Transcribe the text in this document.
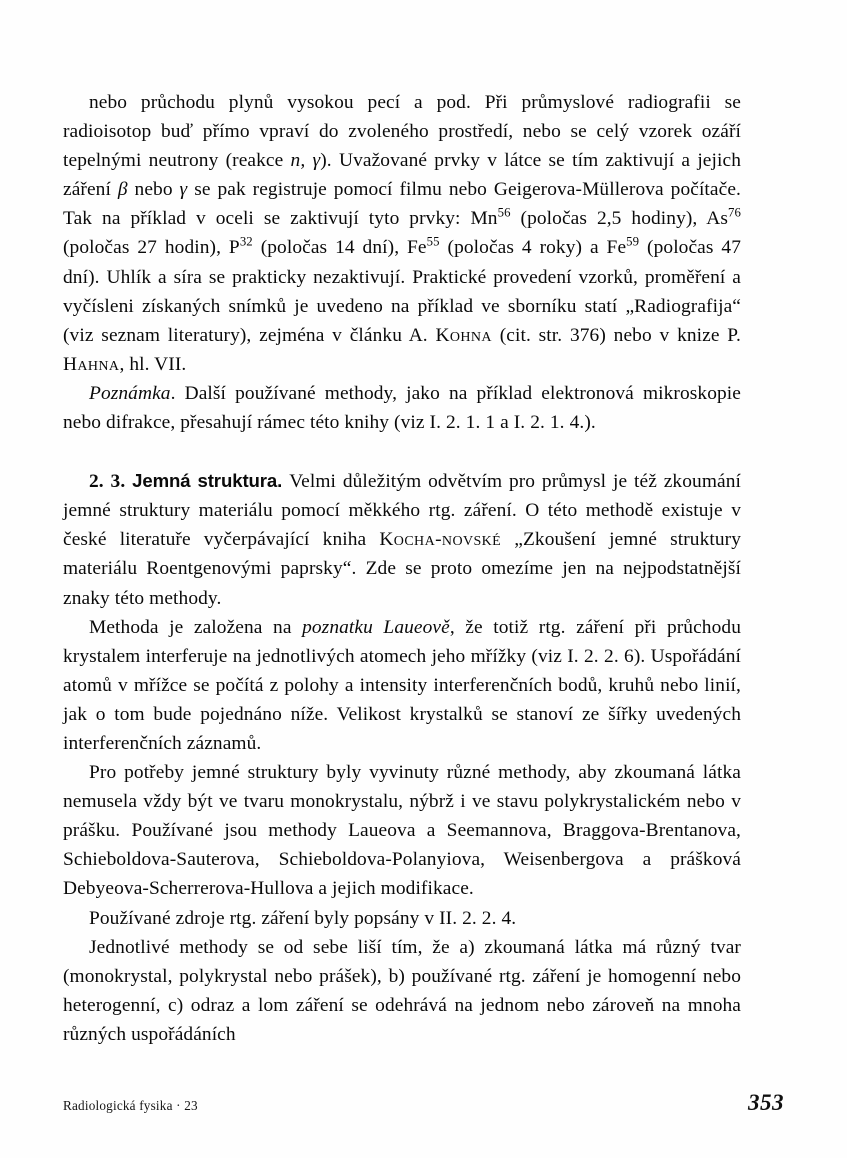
nebo průchodu plynů vysokou pecí a pod. Při průmyslové radiografii se radioisotop buď přímo vpraví do zvoleného prostředí, nebo se celý vzorek ozáří tepelnými neutrony (reakce n, γ). Uvažované prvky v látce se tím zaktivují a jejich záření β nebo γ se pak registruje pomocí filmu nebo Geigerova-Müllerova počítače. Tak na příklad v oceli se zaktivují tyto prvky: Mn$^{56}$ (poločas 2,5 hodiny), As$^{76}$ (poločas 27 hodin), $P^{32}$ (poločas 14 dní), Fe$^{55}$ (poločas 4 roky) a Fe$^{59}$ (poločas 47 dní). Uhlík a síra se prakticky nezaktivují. Praktické provedení vzorků, proměření a vyčísleni získaných snímků je uvedeno na příklad ve sborníku statí „Radiografija“ (viz seznam literatury), zejména v článku A. Kohna (cit. str. 376) nebo v knize P. Hahna, hl. VII.

Poznámka. Další používané methody, jako na příklad elektronová mikroskopie nebo difrakce, přesahují rámec této knihy (viz I. 2. 1. 1 a I. 2. 1. 4.).

2. 3. Jemná struktura. Velmi důležitým odvětvím pro průmysl je též zkoumání jemné struktury materiálu pomocí měkkého rtg. záření. O této methodě existuje v české literatuře vyčerpávající kniha Kocha-novské „Zkoušení jemné struktury materiálu Roentgenovými paprsky“. Zde se proto omezíme jen na nejpodstatnější znaky této methody.

Methoda je založena na poznatku Laueově, že totiž rtg. záření při průchodu krystalem interferuje na jednotlivých atomech jeho mřížky (viz I. 2. 2. 6). Uspořádání atomů v mřížce se počítá z polohy a intensity interferenčních bodů, kruhů nebo linií, jak o tom bude pojednáno níže. Velikost krystalků se stanoví ze šířky uvedených interferenčních záznamů.

Pro potřeby jemné struktury byly vyvinuty různé methody, aby zkoumaná látka nemusela vždy být ve tvaru monokrystalu, nýbrž i ve stavu polykrystalickém nebo v prášku. Používané jsou methody Laueova a Seemannova, Braggova-Brentanova, Schieboldova-Sauterova, Schieboldova-Polanyiova, Weisenbergova a prášková Debyeova-Scherrerova-Hullova a jejich modifikace.

Používané zdroje rtg. záření byly popsány v II. 2. 2. 4.

Jednotlivé methody se od sebe liší tím, že a) zkoumaná látka má různý tvar (monokrystal, polykrystal nebo prášek), b) používané rtg. záření je homogenní nebo heterogenní, c) odraz a lom záření se odehrává na jednom nebo zároveň na mnoha různých uspořádáních

Radiologická fysika · 23	353
